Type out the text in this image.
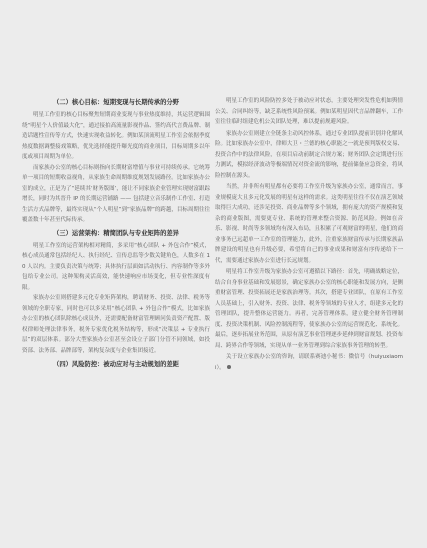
（二）核心目标：短期变现与长期传承的分野

明星工作室的核心目标聚焦短期商业变现与事业热度维持，其运营逻辑围绕“明星个人价值最大化”，通过接拍高流量影视作品、签约高代言费品牌、制造话题性宣传等方式，快速实现收益转化。例如某顶流明星工作室会依据季度热度数据调整接戏策略，优先选择能提升曝光度的商业项目，目标周期多以年度或项目周期为单位。

而家族办公室的核心目标则指向长期财富增值与事业可持续传承。它统筹单一项目的短期收益视角，从家族生命周期维度规划发展路径。比如家族办公室的成立，正是为了“延续其‘财务版图’，能让不同家族企业管理实现财富跟踪增长，同时为其晋升 IP 的长期运营铺路 —— 包括建立音乐制作工作室、打造生活方式品牌等，最终实现从“个人明星”到“家族品牌”的跨越，目标周期往往覆盖数十年甚至代际传承。

（三）运营架构：精简团队与专业矩阵的差异

明星工作室的运营架构相对精简，多采用“核心团队 + 外包合作”模式，核心成员通常包括经纪人、执行经纪、宣传总监等少数关键角色，人数多在 10 人以内。主要负责决策与统筹；具体执行层面如活动执行、内容制作等多外包给专业公司。这种架构灵活高效，能快速响应市场变化，但专业性深度有限。

家族办公室则搭建多元化专业矩阵架构，聘请财务、投资、法律、税务等领域的全职专家，同时也可以多采用“核心团队 + 外包合作”模式，比如家族办公室的核心团队除核心成员外，还需要配备财富管理顾问负责资产配置、版权律师处理法律事务，税务专家优化税务结构等，形成“决策层 + 专业执行层”的双层体系。部分大型家族办公室甚至会设立子部门分管不同领域，如投资部、法务部、品牌部等，架构复杂度与企业集团接近。

（四）风险防控：被动应对与主动规划的差距

明星工作室的风险防控多处于被动应对状态，主要处理突发性危机如舆情公关、合同纠纷等，缺乏系统性风险预案。例如某明星因代言品牌翻车，工作室往往临时组建危机公关团队处理，难以提前规避风险。

家族办公室则建立全链条主动风控体系，通过专业团队提前识别并化解风险。比如家族办公室中，律师大卫・兰德的核心职能之一就是预判版权交易、投资合作中的法律风险，在项目启动前制定合规方案；财务团队会定期进行压力测试，模拟经济波动等极端情况对资金流的影响，提前储备应急资金，将风险控制在源头。

当然，并非所有明星都有必要将工作室升级为家族办公室，通常而言，事业规模庞大且多元化发展的明星有这样的需求。这类明星往往不仅在演艺领域取得巨大成功，还涉足投资、商业品牌等多个领域，拥有庞大的资产规模和复杂的商业版图，需要更专业、系统的管理来整合资源、防范风险。例如在音乐、影视、时尚等多领域均有深入布局，且积累了可观财富的明星，他们的商业事务已远超单一工作室的管理能力，此外，注重家族财富传承与长期家族品牌建设的明星也有升级必要，希望将自己的事业成果和财富有序传递给下一代，需要通过家族办公室进行长远规划。

明星将工作室升级为家族办公室可遵循以下路径：首先，明确战略定位，结合自身事业基础和发展愿景，确定家族办公室的核心职能和发展方向，是侧重财富管理、投资拓展还是家族治理等。其次，搭建专业团队，在原有工作室人员基础上，引入财务、投资、法律、税务等领域的专业人才，组建多元化的管理团队，提升整体运营能力。再者，完善管理体系，建立健全财务管理制度、投资决策机制、风险控制流程等，使家族办公室的运营规范化、系统化。最后，逐步拓展业务范围，从原有演艺事业管理逐步延伸到财富规划、投资布局、跨界合作等领域，实现从单一业务管理到综合家族事务管理的转型。

关于设立家族办公室的咨询，请联系赛迪小秘书：微信号（huiyuxiaomi）。
